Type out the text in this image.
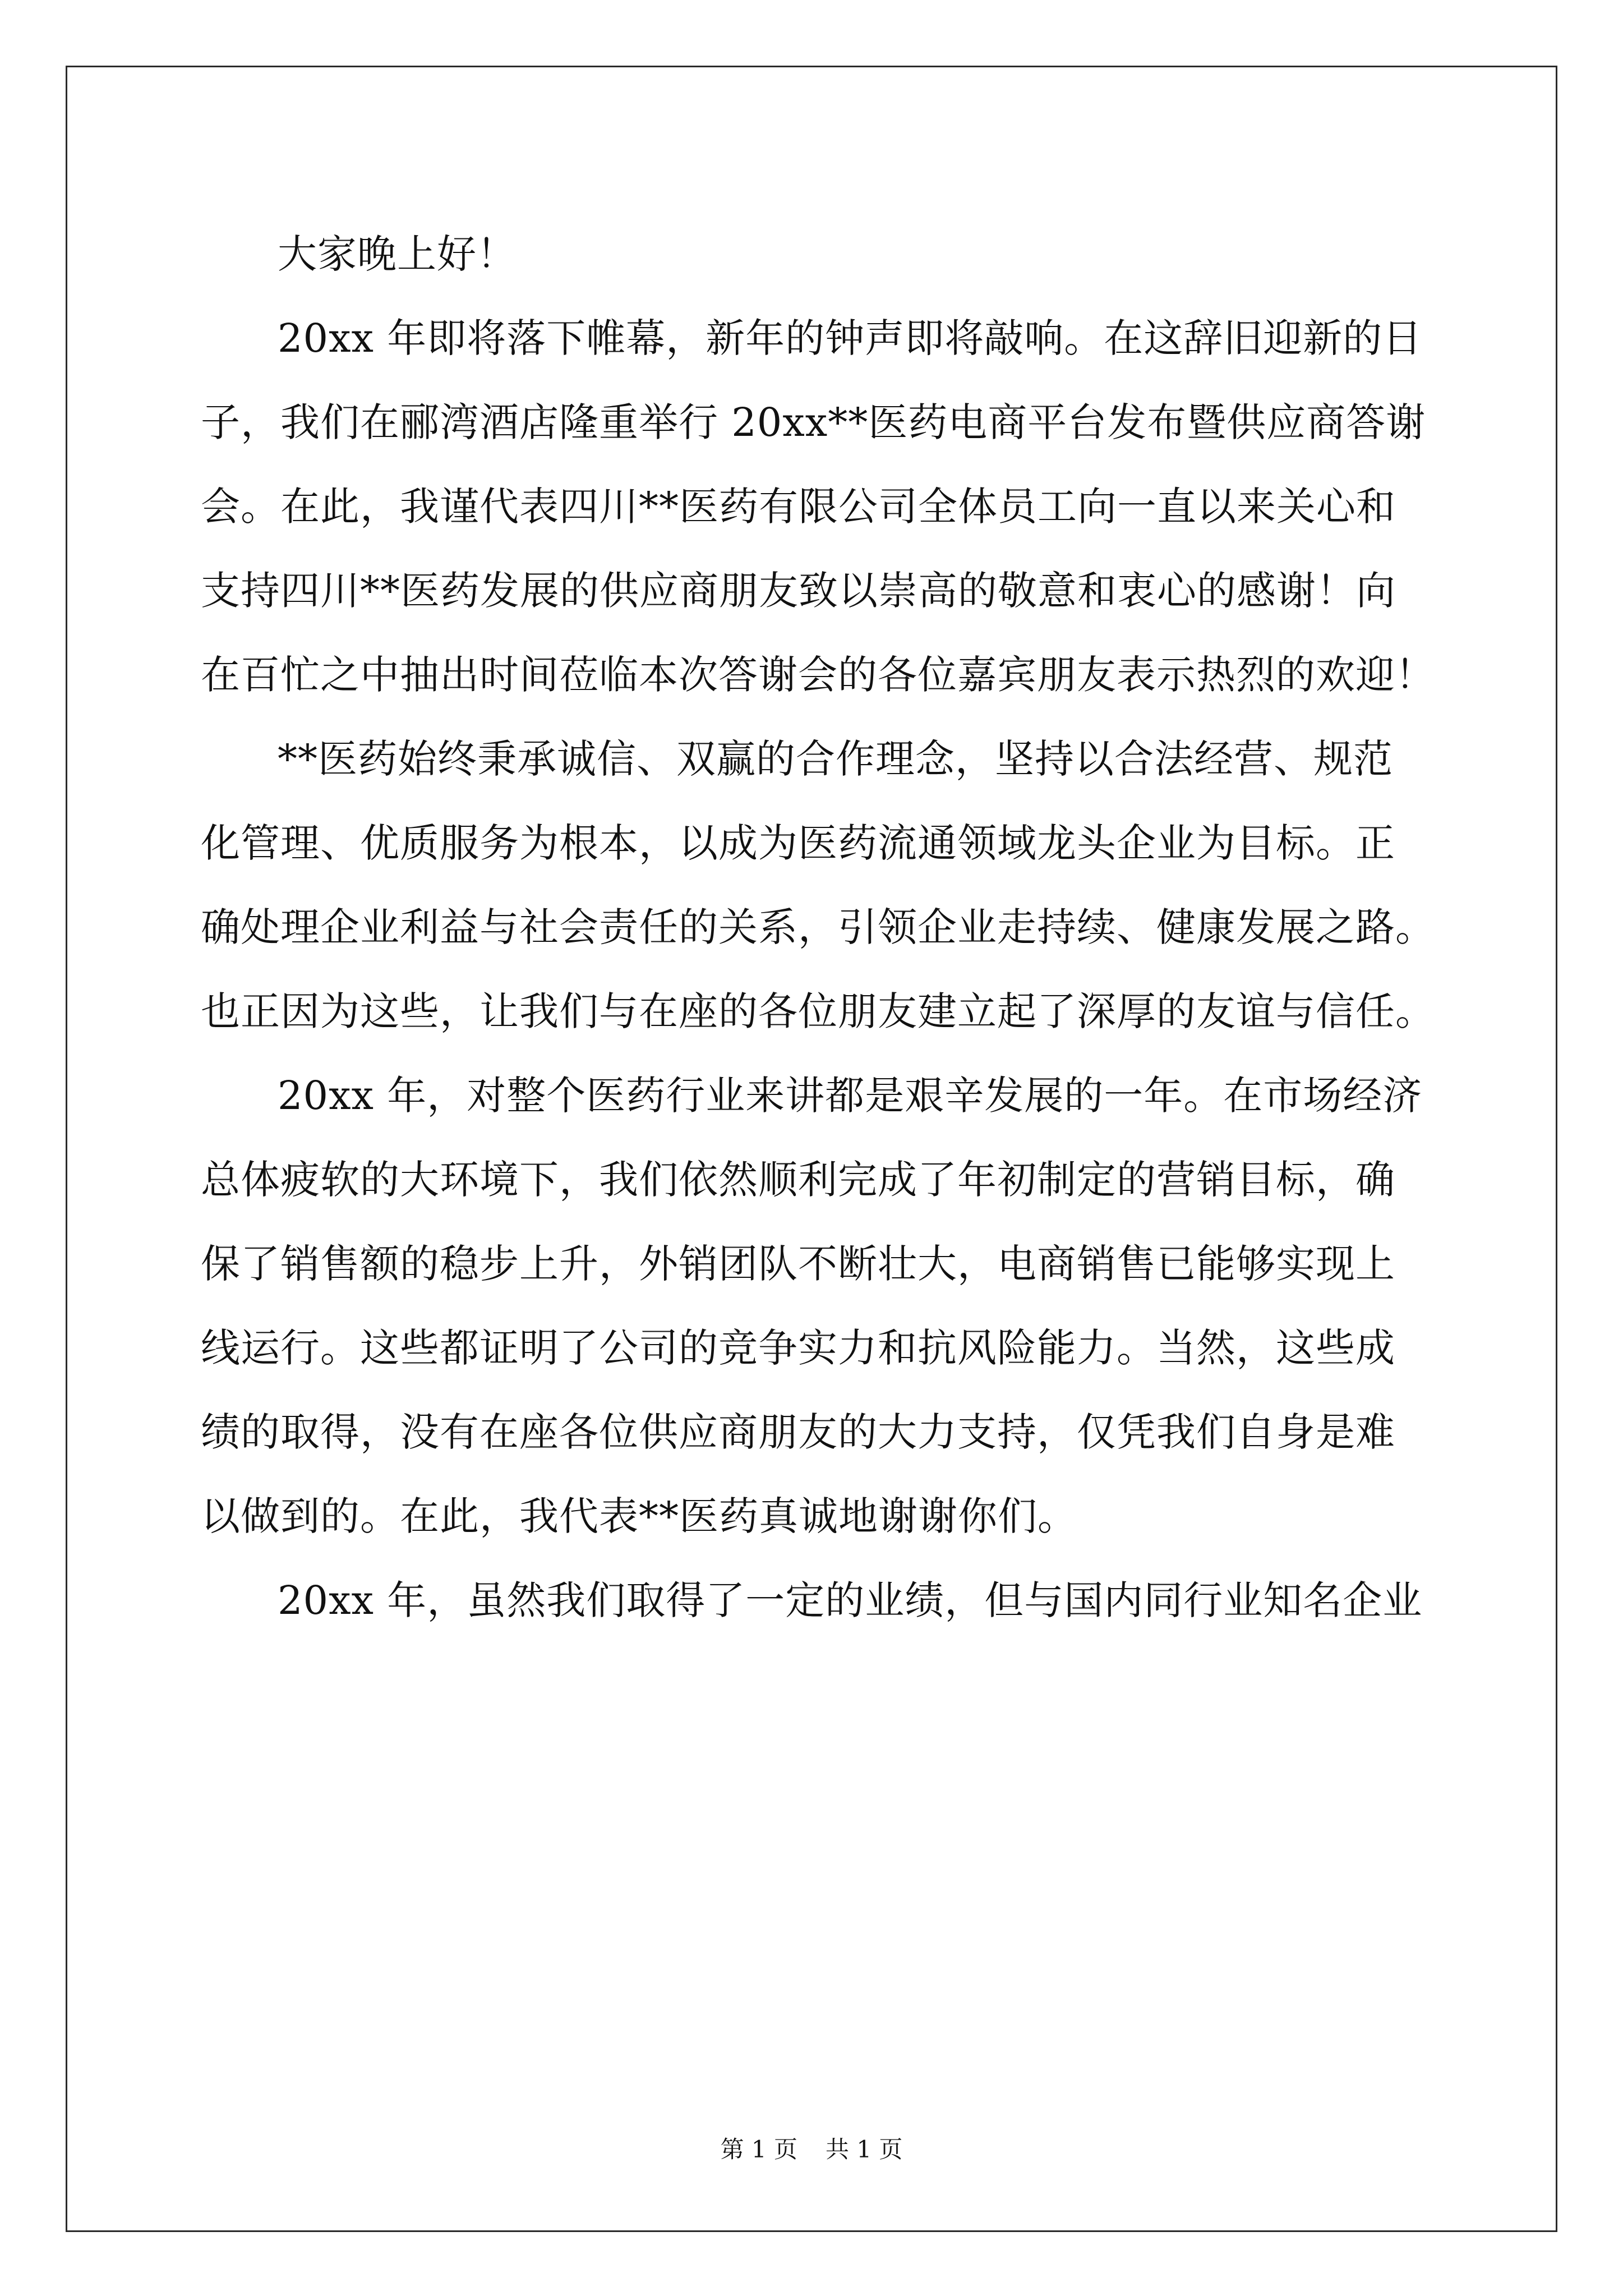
大家晚上好！
20xx 年即将落下帷幕，新年的钟声即将敲响。在这辞旧迎新的日
子，我们在郦湾酒店隆重举行 20xx**医药电商平台发布暨供应商答谢
会。在此，我谨代表四川**医药有限公司全体员工向一直以来关心和
支持四川**医药发展的供应商朋友致以崇高的敬意和衷心的感谢！向
在百忙之中抽出时间莅临本次答谢会的各位嘉宾朋友表示热烈的欢迎！
**医药始终秉承诚信、双赢的合作理念，坚持以合法经营、规范
化管理、优质服务为根本，以成为医药流通领域龙头企业为目标。正
确处理企业利益与社会责任的关系，引领企业走持续、健康发展之路。
也正因为这些，让我们与在座的各位朋友建立起了深厚的友谊与信任。
20xx 年，对整个医药行业来讲都是艰辛发展的一年。在市场经济
总体疲软的大环境下，我们依然顺利完成了年初制定的营销目标，确
保了销售额的稳步上升，外销团队不断壮大，电商销售已能够实现上
线运行。这些都证明了公司的竞争实力和抗风险能力。当然，这些成
绩的取得，没有在座各位供应商朋友的大力支持，仅凭我们自身是难
以做到的。在此，我代表**医药真诚地谢谢你们。
20xx 年，虽然我们取得了一定的业绩，但与国内同行业知名企业
第 1 页 共 1 页
